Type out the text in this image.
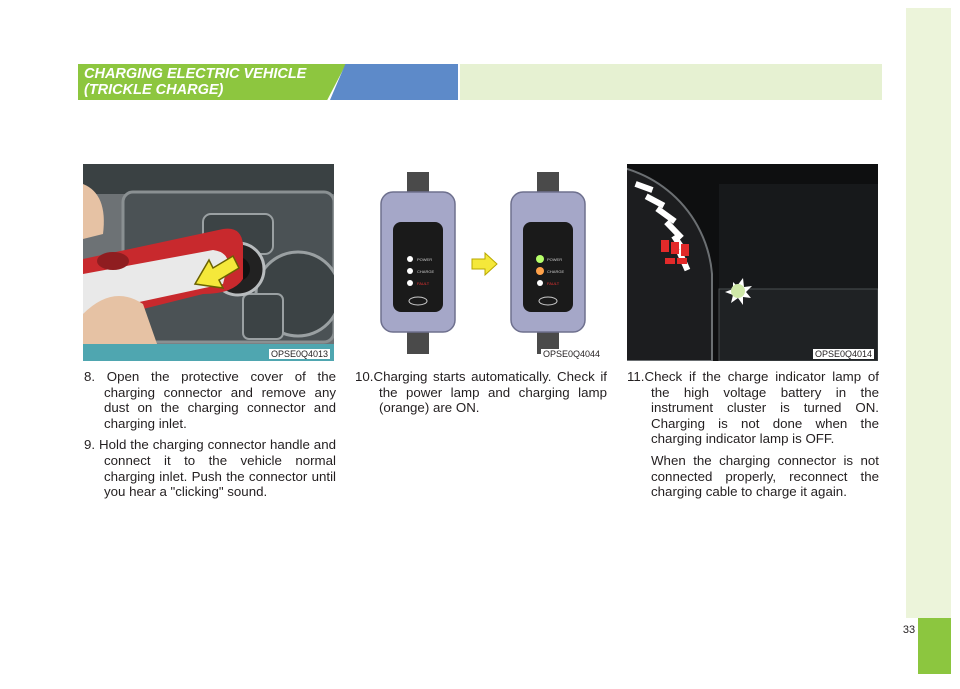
CHARGING ELECTRIC VEHICLE
(TRICKLE CHARGE)
OPSE0Q4013
POWER
CHARGE
FAULT
POWER
CHARGE
FAULT
OPSE0Q4044	OPSE0Q4014

8. Open the protective cover of the charging connector and remove any dust on the charging connector and charging inlet.

9. Hold the charging connector handle and connect it to the vehicle normal charging inlet. Push the connector until you hear a "clicking" sound.

10.Charging starts automatically. Check if the power lamp and charging lamp (orange) are ON.

11.Check if the charge indicator lamp of the high voltage battery in the instrument cluster is turned ON. Charging is not done when the charging indicator lamp is OFF.

When the charging connector is not connected properly, reconnect the charging cable to charge it again.

33
